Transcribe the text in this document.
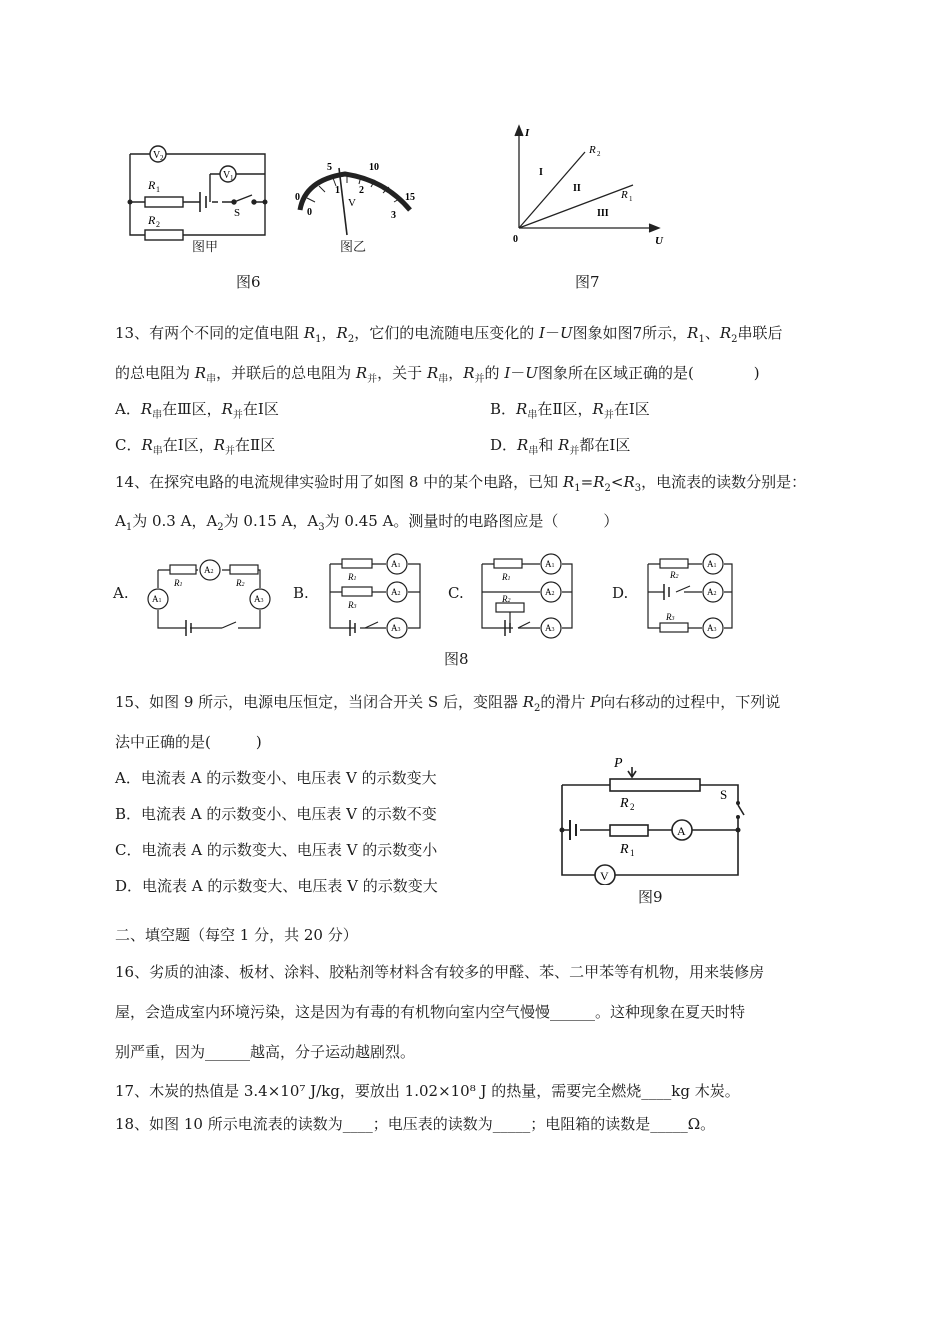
V 2
V 1
R 1
R 2
S
0
5	10
15
0
1 2
3
V
图甲	图乙
图6
I
U
0
R 2
R 1
I
II
III
图7
13、有两个不同的定值电阻 $R_1$，$R_2$，它们的电流随电压变化的 I－U图象如图7所示，$R_1$、$R_2$串联后
的总电阻为 $R_串$，并联后的总电阻为 $R_并$，关于 $R_串$，$R_并$的 I－U图象所在区域正确的是(　　　　)
A．$R_串$在Ⅲ区，$R_并$在Ⅰ区	B．$R_串$在Ⅱ区，$R_并$在Ⅰ区
C．$R_串$在Ⅰ区，$R_并$在Ⅱ区	D．$R_串$和 $R_并$都在Ⅰ区
14、在探究电路的电流规律实验时用了如图 8 中的某个电路，已知 $R_1=R_2<R_3$，电流表的读数分别是：
$A_1$为 0.3 A，$A_2$为 0.15 A，$A_3$为 0.45 A。测量时的电路图应是（　　　）
A.	B.	C.	D.
A2
A1	A3
R1	R2
A1
A2
A3
R1
R3
A1
A2
A3
R1
R2
A1
A2
A3
R2
R3
图8
15、如图 9 所示，电源电压恒定，当闭合开关 S 后，变阻器 $R_2$的滑片 P向右移动的过程中，下列说
法中正确的是(　　　)
A．电流表 A 的示数变小、电压表 V 的示数变大
B．电流表 A 的示数变小、电压表 V 的示数不变
C．电流表 A 的示数变大、电压表 V 的示数变小
D．电流表 A 的示数变大、电压表 V 的示数变大
P
R 2
S
A
R 1
V
图9
二、填空题（每空 1 分，共 20 分）
16、劣质的油漆、板材、涂料、胶粘剂等材料含有较多的甲醛、苯、二甲苯等有机物，用来装修房
屋，会造成室内环境污染，这是因为有毒的有机物向室内空气慢慢______。这种现象在夏天时特
别严重，因为______越高，分子运动越剧烈。
17、木炭的热值是 3.4×10⁷ J/kg，要放出 1.02×10⁸ J 的热量，需要完全燃烧____kg 木炭。
18、如图 10 所示电流表的读数为____；电压表的读数为_____；电阻箱的读数是_____Ω。
